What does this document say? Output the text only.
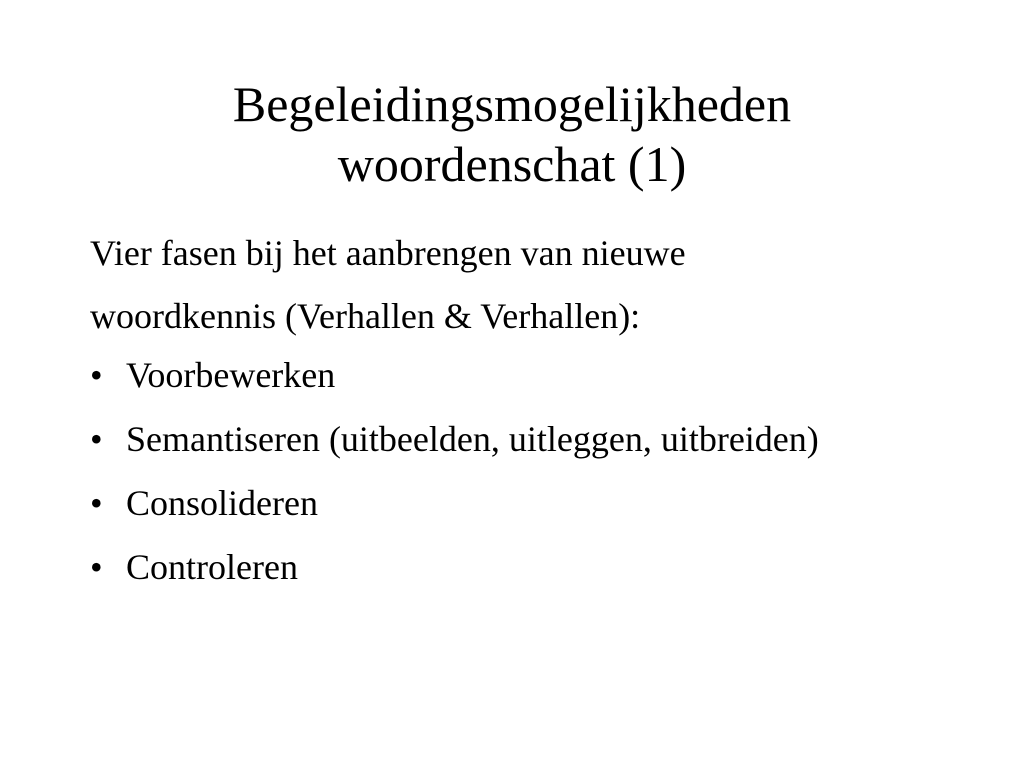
Begeleidingsmogelijkheden
woordenschat (1)
Vier fasen bij het aanbrengen van nieuwe
woordkennis (Verhallen & Verhallen):
• Voorbewerken
• Semantiseren (uitbeelden, uitleggen, uitbreiden)
• Consolideren
• Controleren
